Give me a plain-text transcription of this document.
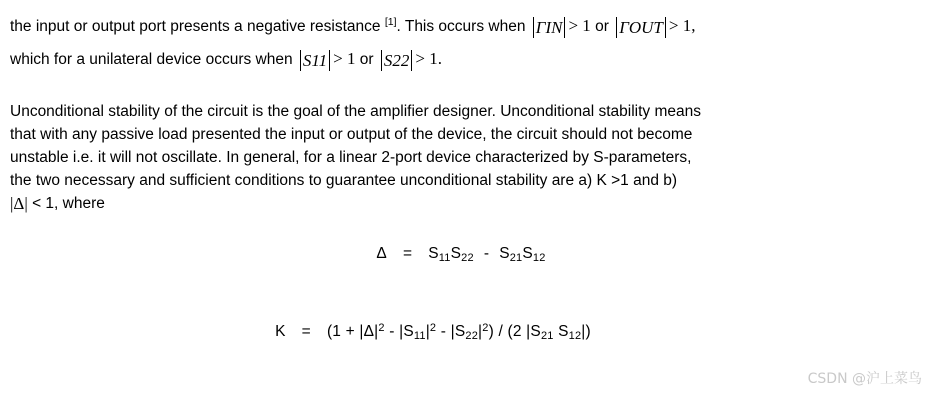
the input or output port presents a negative resistance [1]. This occurs when ΓIN > 1 or ΓOUT > 1,
which for a unilateral device occurs when S11 > 1 or S22 > 1.
Unconditional stability of the circuit is the goal of the amplifier designer. Unconditional stability means
that with any passive load presented the input or output of the device, the circuit should not become
unstable i.e. it will not oscillate. In general, for a linear 2-port device characterized by S-parameters,
the two necessary and sufficient conditions to guarantee unconditional stability are a) K >1 and b)
|Δ| < 1, where
$\Delta = S_{11}S_{22} - S_{21}S_{12}$
$K = (1 + |\Delta|^2 - |S_{11}|^2 - |S_{22}|^2) / (2$ $|S_{21}$ $S_{12}|$)
CSDN @沪上菜鸟
